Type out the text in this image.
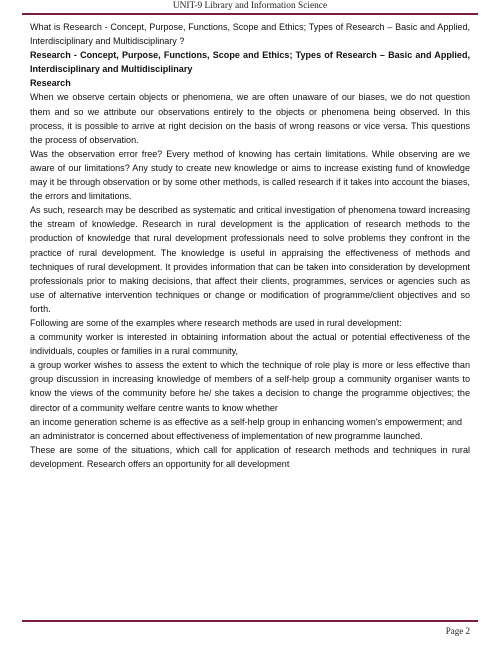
UNIT-9 Library and Information Science

What is Research - Concept, Purpose, Functions, Scope and Ethics; Types of Research – Basic and Applied, Interdisciplinary and Multidisciplinary ?

Research - Concept, Purpose, Functions, Scope and Ethics; Types of Research – Basic and Applied, Interdisciplinary and Multidisciplinary

Research

When we observe certain objects or phenomena, we are often unaware of our biases, we do not question them and so we attribute our observations entirely to the objects or phenomena being observed. In this process, it is possible to arrive at right decision on the basis of wrong reasons or vice versa. This questions the process of observation.

Was the observation error free? Every method of knowing has certain limitations. While observing are we aware of our limitations? Any study to create new knowledge or aims to increase existing fund of knowledge may it be through observation or by some other methods, is called research if it takes into account the biases, the errors and limitations.

As such, research may be described as systematic and critical investigation of phenomena toward increasing the stream of knowledge. Research in rural development is the application of research methods to the production of knowledge that rural development professionals need to solve problems they confront in the practice of rural development. The knowledge is useful in appraising the effectiveness of methods and techniques of rural development. It provides information that can be taken into consideration by development professionals prior to making decisions, that affect their clients, programmes, services or agencies such as use of alternative intervention techniques or change or modification of programme/client objectives and so forth.

Following are some of the examples where research methods are used in rural development:

a community worker is interested in obtaining information about the actual or potential effectiveness of the individuals, couples or families in a rural community,

a group worker wishes to assess the extent to which the technique of role play is more or less effective than group discussion in increasing knowledge of members of a self-help group a community organiser wants to know the views of the community before he/ she takes a decision to change the programme objectives; the director of a community welfare centre wants to know whether

an income generation scheme is as effective as a self-help group in enhancing women's empowerment; and

an administrator is concerned about effectiveness of implementation of new programme launched.

These are some of the situations, which call for application of research methods and techniques in rural development. Research offers an opportunity for all development

Page 2
